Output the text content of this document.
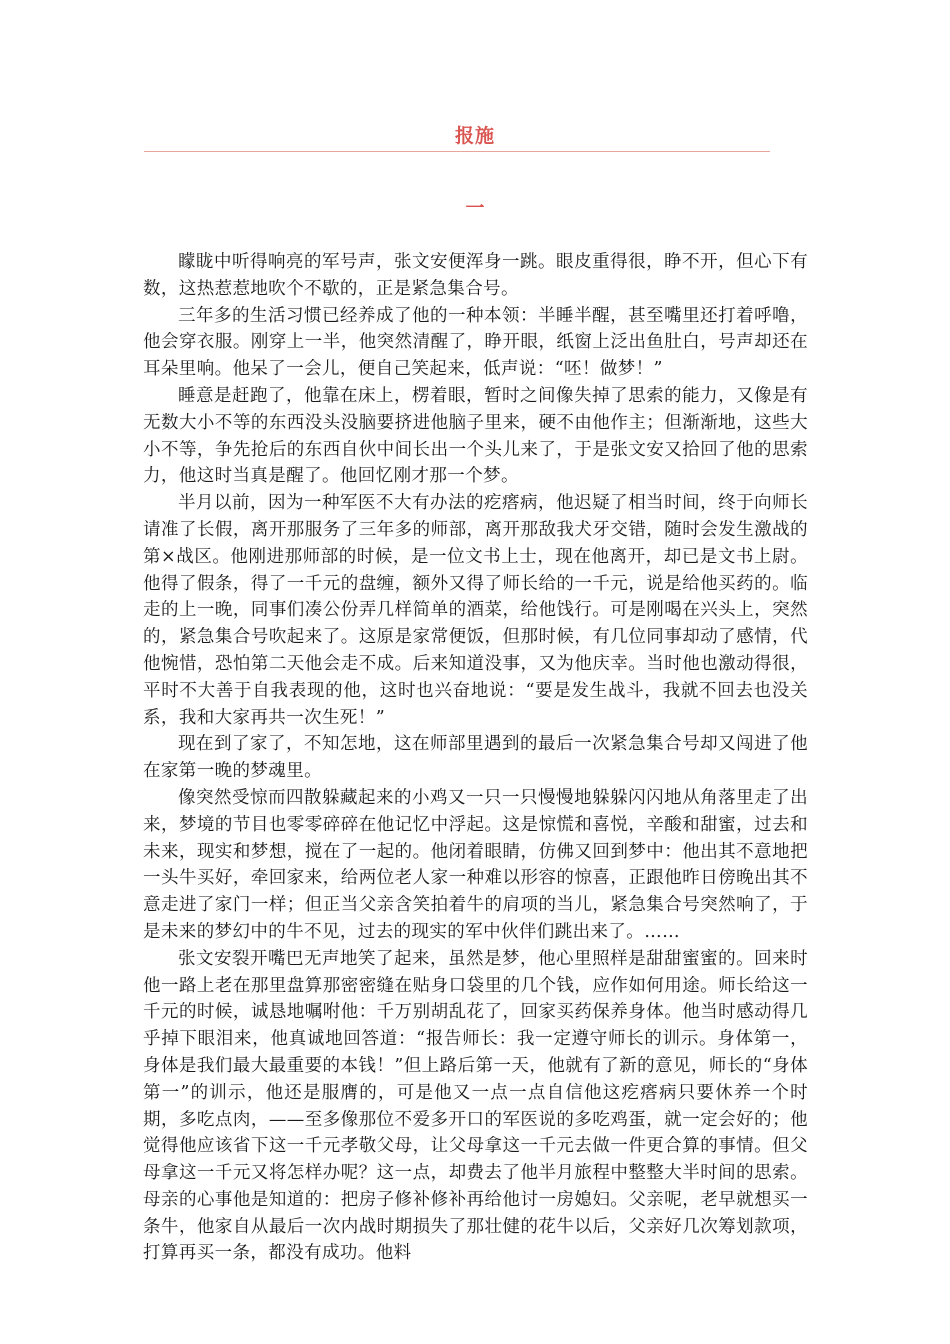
报施
一

矇眬中听得响亮的军号声，张文安便浑身一跳。眼皮重得很，睁不开，但心下有数，这热惹惹地吹个不歇的，正是紧急集合号。

三年多的生活习惯已经养成了他的一种本领：半睡半醒，甚至嘴里还打着呼噜，他会穿衣服。刚穿上一半，他突然清醒了，睁开眼，纸窗上泛出鱼肚白，号声却还在耳朵里响。他呆了一会儿，便自己笑起来，低声说：“呸！做梦！”

睡意是赶跑了，他靠在床上，楞着眼，暂时之间像失掉了思索的能力，又像是有无数大小不等的东西没头没脑要挤进他脑子里来，硬不由他作主；但渐渐地，这些大小不等，争先抢后的东西自伙中间长出一个头儿来了，于是张文安又拾回了他的思索力，他这时当真是醒了。他回忆刚才那一个梦。

半月以前，因为一种军医不大有办法的疙瘩病，他迟疑了相当时间，终于向师长请准了长假，离开那服务了三年多的师部，离开那敌我犬牙交错，随时会发生激战的第×战区。他刚进那师部的时候，是一位文书上士，现在他离开，却已是文书上尉。他得了假条，得了一千元的盘缠，额外又得了师长给的一千元，说是给他买药的。临走的上一晚，同事们凑公份弄几样简单的酒菜，给他饯行。可是刚喝在兴头上，突然的，紧急集合号吹起来了。这原是家常便饭，但那时候，有几位同事却动了感情，代他惋惜，恐怕第二天他会走不成。后来知道没事，又为他庆幸。当时他也激动得很，平时不大善于自我表现的他，这时也兴奋地说：“要是发生战斗，我就不回去也没关系，我和大家再共一次生死！”

现在到了家了，不知怎地，这在师部里遇到的最后一次紧急集合号却又闯进了他在家第一晚的梦魂里。

像突然受惊而四散躲藏起来的小鸡又一只一只慢慢地躲躲闪闪地从角落里走了出来，梦境的节目也零零碎碎在他记忆中浮起。这是惊慌和喜悦，辛酸和甜蜜，过去和未来，现实和梦想，搅在了一起的。他闭着眼睛，仿佛又回到梦中：他出其不意地把一头牛买好，牵回家来，给两位老人家一种难以形容的惊喜，正跟他昨日傍晚出其不意走进了家门一样；但正当父亲含笑拍着牛的肩项的当儿，紧急集合号突然响了，于是未来的梦幻中的牛不见，过去的现实的军中伙伴们跳出来了。……

张文安裂开嘴巴无声地笑了起来，虽然是梦，他心里照样是甜甜蜜蜜的。回来时他一路上老在那里盘算那密密缝在贴身口袋里的几个钱，应作如何用途。师长给这一千元的时候，诚恳地嘱咐他：千万别胡乱花了，回家买药保养身体。他当时感动得几乎掉下眼泪来，他真诚地回答道：“报告师长：我一定遵守师长的训示。身体第一，身体是我们最大最重要的本钱！”但上路后第一天，他就有了新的意见，师长的“身体第一”的训示，他还是服膺的，可是他又一点一点自信他这疙瘩病只要休养一个时期，多吃点肉，——至多像那位不爱多开口的军医说的多吃鸡蛋，就一定会好的；他觉得他应该省下这一千元孝敬父母，让父母拿这一千元去做一件更合算的事情。但父母拿这一千元又将怎样办呢？这一点，却费去了他半月旅程中整整大半时间的思索。母亲的心事他是知道的：把房子修补修补再给他讨一房媳妇。父亲呢，老早就想买一条牛，他家自从最后一次内战时期损失了那壮健的花牛以后，父亲好几次筹划款项，打算再买一条，都没有成功。他料
